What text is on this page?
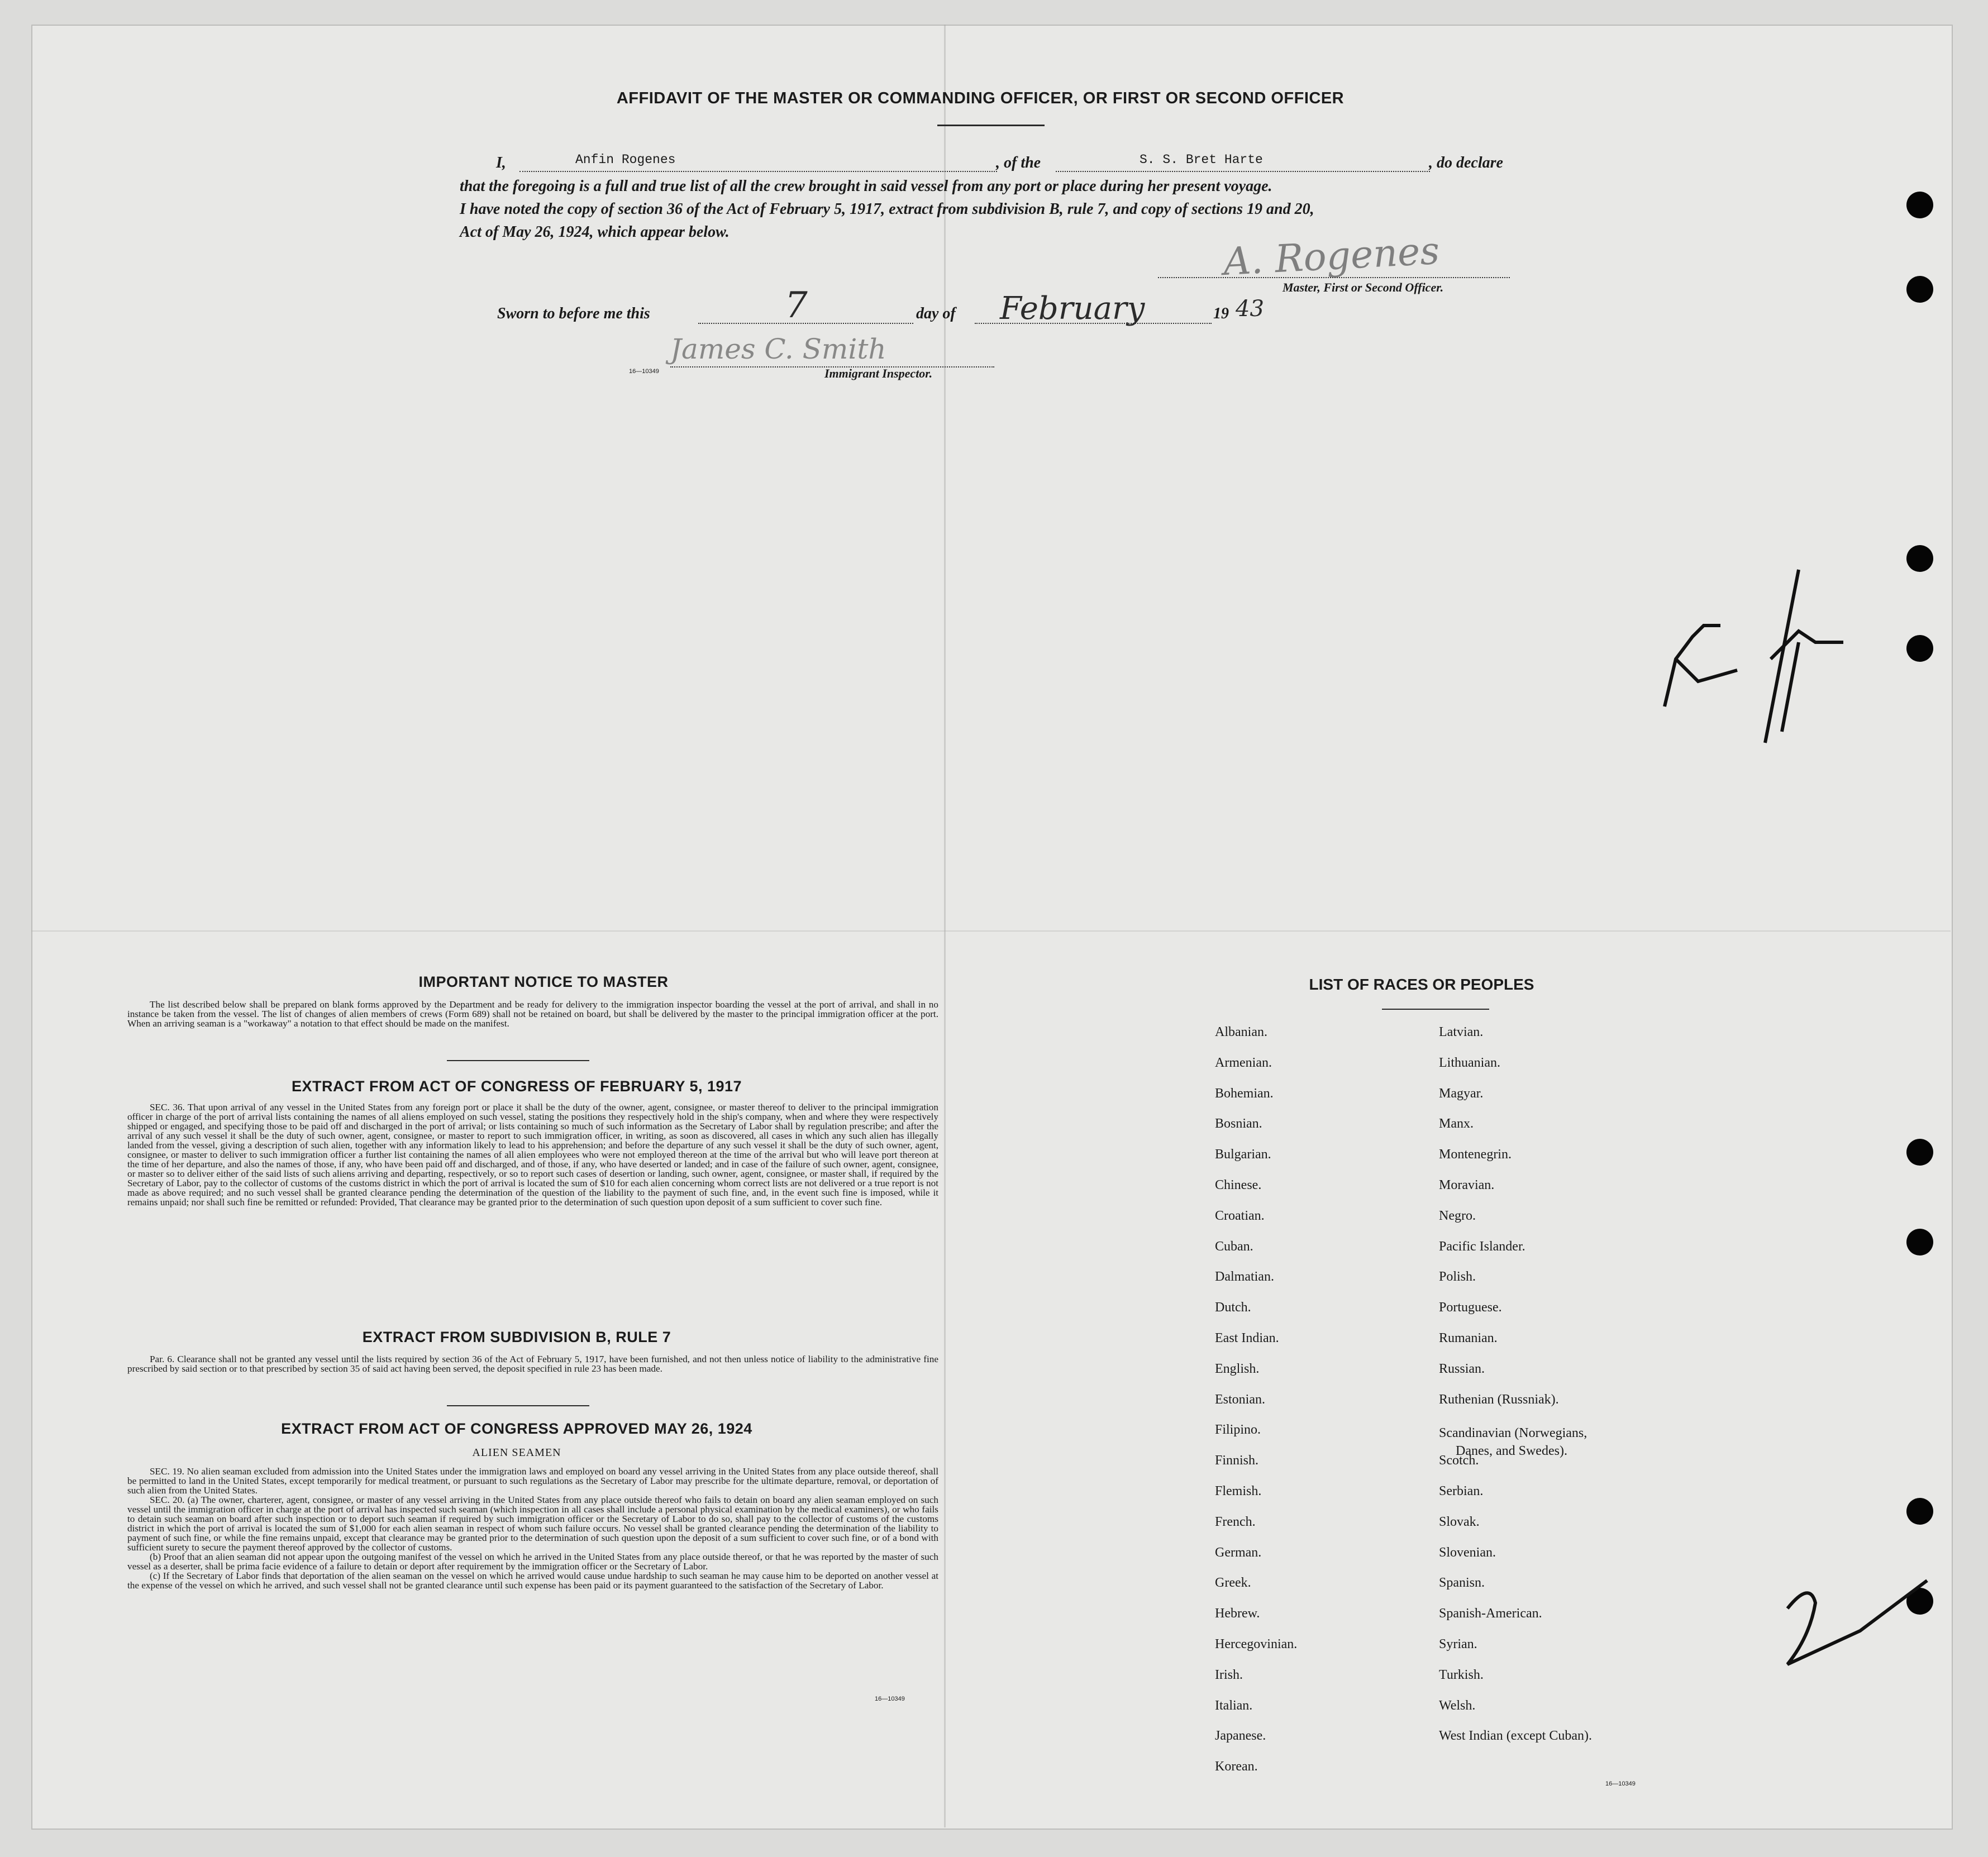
AFFIDAVIT OF THE MASTER OR COMMANDING OFFICER, OR FIRST OR SECOND OFFICER
I,	Anfin Rogenes	, of the	S. S. Bret Harte	, do declare
that the foregoing is a full and true list of all the crew brought in said vessel from any port or place during her present voyage.
I have noted the copy of section 36 of the Act of February 5, 1917, extract from subdivision B, rule 7, and copy of sections 19 and 20,
Act of May 26, 1924, which appear below.	A. Rogenes
Master, First or Second Officer.
Sworn to before me this	7	day of February	19 43
James C. Smith
16—10349	Immigrant Inspector.
IMPORTANT NOTICE TO MASTER

The list described below shall be prepared on blank forms approved by the Department and be ready for delivery to the immigration inspector boarding the vessel at the port of arrival, and shall in no instance be taken from the vessel. The list of changes of alien members of crews (Form 689) shall not be retained on board, but shall be delivered by the master to the principal immigration officer at the port. When an arriving seaman is a "workaway" a notation to that effect should be made on the manifest.

EXTRACT FROM ACT OF CONGRESS OF FEBRUARY 5, 1917

SEC. 36. That upon arrival of any vessel in the United States from any foreign port or place it shall be the duty of the owner, agent, consignee, or master thereof to deliver to the principal immigration officer in charge of the port of arrival lists containing the names of all aliens employed on such vessel, stating the positions they respectively hold in the ship's company, when and where they were respectively shipped or engaged, and specifying those to be paid off and discharged in the port of arrival; or lists containing so much of such information as the Secretary of Labor shall by regulation prescribe; and after the arrival of any such vessel it shall be the duty of such owner, agent, consignee, or master to report to such immigration officer, in writing, as soon as discovered, all cases in which any such alien has illegally landed from the vessel, giving a description of such alien, together with any information likely to lead to his apprehension; and before the departure of any such vessel it shall be the duty of such owner, agent, consignee, or master to deliver to such immigration officer a further list containing the names of all alien employees who were not employed thereon at the time of the arrival but who will leave port thereon at the time of her departure, and also the names of those, if any, who have been paid off and discharged, and of those, if any, who have deserted or landed; and in case of the failure of such owner, agent, consignee, or master so to deliver either of the said lists of such aliens arriving and departing, respectively, or so to report such cases of desertion or landing, such owner, agent, consignee, or master shall, if required by the Secretary of Labor, pay to the collector of customs of the customs district in which the port of arrival is located the sum of $10 for each alien concerning whom correct lists are not delivered or a true report is not made as above required; and no such vessel shall be granted clearance pending the determination of the question of the liability to the payment of such fine, and, in the event such fine is imposed, while it remains unpaid; nor shall such fine be remitted or refunded: Provided, That clearance may be granted prior to the determination of such question upon deposit of a sum sufficient to cover such fine.

EXTRACT FROM SUBDIVISION B, RULE 7

Par. 6. Clearance shall not be granted any vessel until the lists required by section 36 of the Act of February 5, 1917, have been furnished, and not then unless notice of liability to the administrative fine prescribed by said section or to that prescribed by section 35 of said act having been served, the deposit specified in rule 23 has been made.

EXTRACT FROM ACT OF CONGRESS APPROVED MAY 26, 1924
ALIEN SEAMEN

SEC. 19. No alien seaman excluded from admission into the United States under the immigration laws and employed on board any vessel arriving in the United States from any place outside thereof, shall be permitted to land in the United States, except temporarily for medical treatment, or pursuant to such regulations as the Secretary of Labor may prescribe for the ultimate departure, removal, or deportation of such alien from the United States.

SEC. 20. (a) The owner, charterer, agent, consignee, or master of any vessel arriving in the United States from any place outside thereof who fails to detain on board any alien seaman employed on such vessel until the immigration officer in charge at the port of arrival has inspected such seaman (which inspection in all cases shall include a personal physical examination by the medical examiners), or who fails to detain such seaman on board after such inspection or to deport such seaman if required by such immigration officer or the Secretary of Labor to do so, shall pay to the collector of customs of the customs district in which the port of arrival is located the sum of $1,000 for each alien seaman in respect of whom such failure occurs. No vessel shall be granted clearance pending the determination of the liability to payment of such fine, or while the fine remains unpaid, except that clearance may be granted prior to the determination of such question upon the deposit of a sum sufficient to cover such fine, or of a bond with sufficient surety to secure the payment thereof approved by the collector of customs.

(b) Proof that an alien seaman did not appear upon the outgoing manifest of the vessel on which he arrived in the United States from any place outside thereof, or that he was reported by the master of such vessel as a deserter, shall be prima facie evidence of a failure to detain or deport after requirement by the immigration officer or the Secretary of Labor.

(c) If the Secretary of Labor finds that deportation of the alien seaman on the vessel on which he arrived would cause undue hardship to such seaman he may cause him to be deported on another vessel at the expense of the vessel on which he arrived, and such vessel shall not be granted clearance until such expense has been paid or its payment guaranteed to the satisfaction of the Secretary of Labor.

16—10349
LIST OF RACES OR PEOPLES
16—10349
Albanian.
Armenian.
Bohemian.
Bosnian.
Bulgarian.
Chinese.
Croatian.
Cuban.
Dalmatian.
Dutch.
East Indian.
English.
Estonian.
Filipino.
Finnish.
Flemish.
French.
German.
Greek.
Hebrew.
Hercegovinian.
Irish.
Italian.
Japanese.
Korean.
Latvian.
Lithuanian.
Magyar.
Manx.
Montenegrin.
Moravian.
Negro.
Pacific Islander.
Polish.
Portuguese.
Rumanian.
Russian.
Ruthenian (Russniak).
Scandinavian (Norwegians,
Danes, and Swedes).
Scotch.
Serbian.
Slovak.
Slovenian.
Spanisn.
Spanish-American.
Syrian.
Turkish.
Welsh.
West Indian (except Cuban).
